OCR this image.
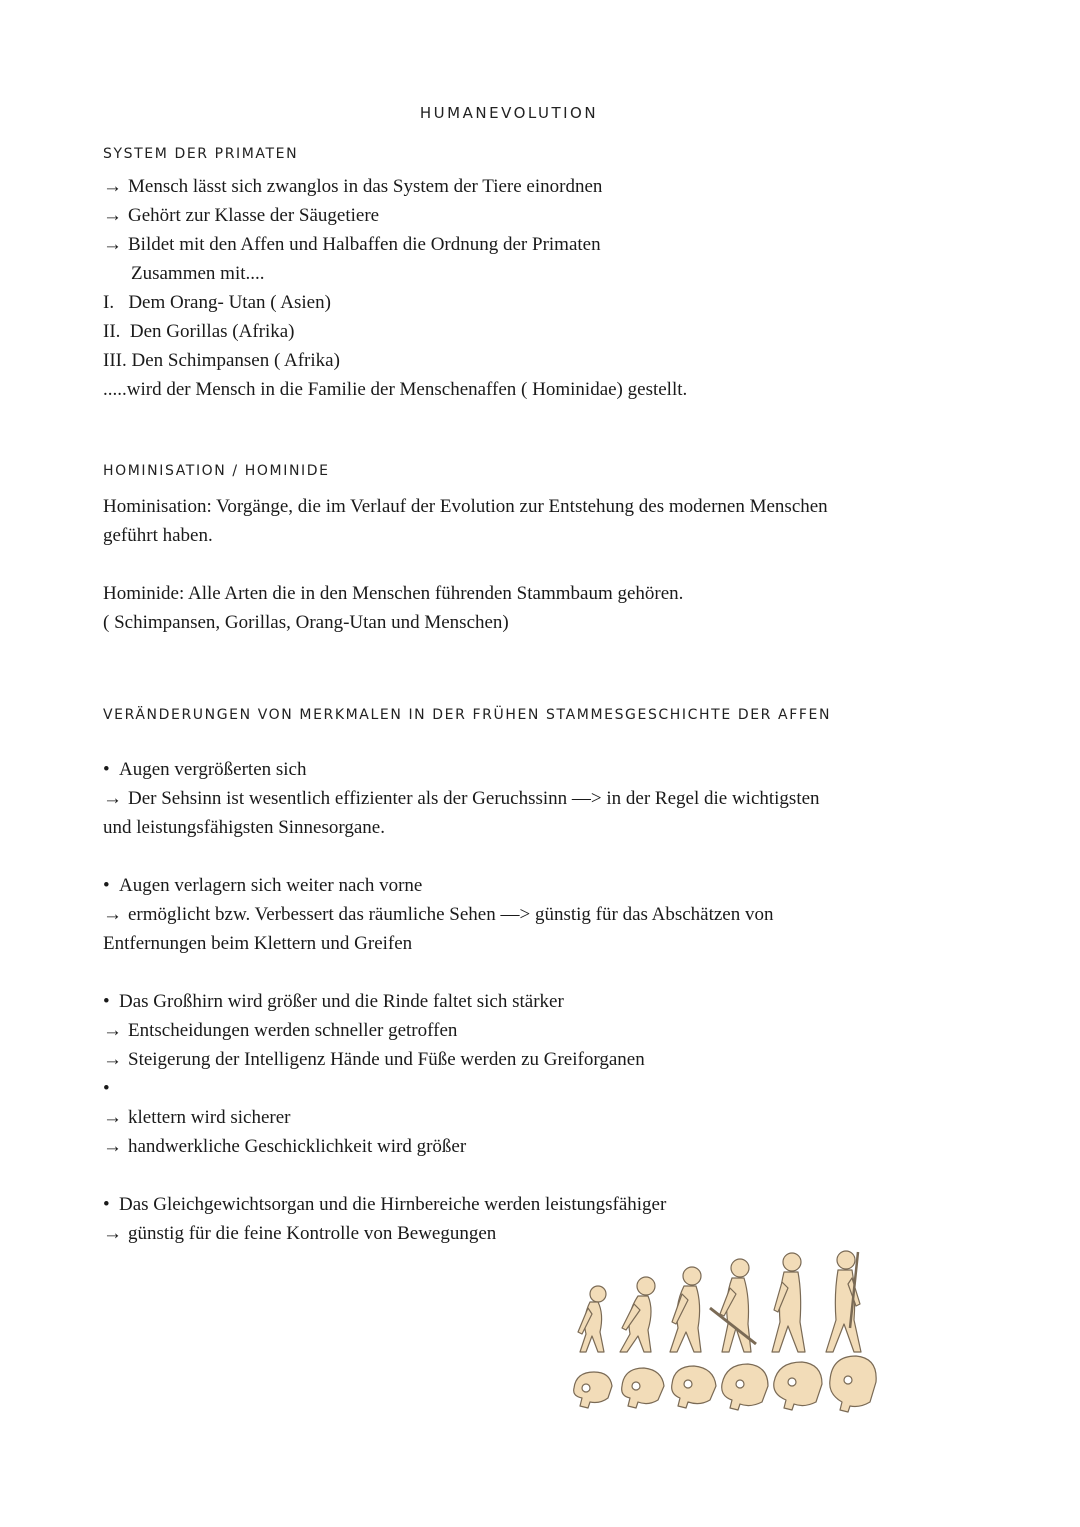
HUMANEVOLUTION
SYSTEM DER PRIMATEN
→ Mensch lässt sich zwanglos in das System der Tiere einordnen
→ Gehört zur Klasse der Säugetiere
→ Bildet mit den Affen und Halbaffen die Ordnung der Primaten
Zusammen mit....
I.   Dem Orang- Utan ( Asien)
II.  Den Gorillas (Afrika)
III. Den Schimpansen ( Afrika)
.....wird der Mensch in die Familie der Menschenaffen ( Hominidae) gestellt.
HOMINISATION / HOMINIDE
Hominisation: Vorgänge, die im Verlauf der Evolution zur Entstehung des modernen Menschen
geführt haben.
Hominide: Alle Arten die in den Menschen führenden Stammbaum gehören.
( Schimpansen, Gorillas, Orang-Utan und Menschen)
VERÄNDERUNGEN VON MERKMALEN IN DER FRÜHEN STAMMESGESCHICHTE DER AFFEN
• Augen vergrößerten sich
→ Der Sehsinn ist wesentlich effizienter als der Geruchssinn —> in der Regel die wichtigsten
und leistungsfähigsten Sinnesorgane.
• Augen verlagern sich weiter nach vorne
→ ermöglicht bzw. Verbessert das räumliche Sehen —> günstig für das Abschätzen von
Entfernungen beim Klettern und Greifen
• Das Großhirn wird größer und die Rinde faltet sich stärker
→ Entscheidungen werden schneller getroffen
→ Steigerung der Intelligenz Hände und Füße werden zu Greiforganen
•
→ klettern wird sicherer
→ handwerkliche Geschicklichkeit wird größer
• Das Gleichgewichtsorgan und die Hirnbereiche werden leistungsfähiger
→ günstig für die feine Kontrolle von Bewegungen
